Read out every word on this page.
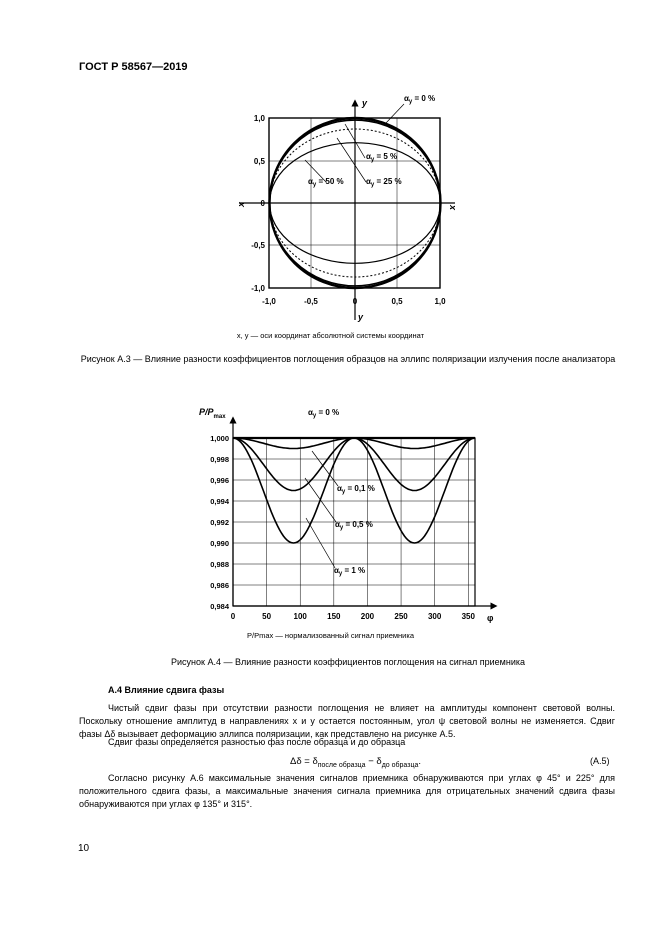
ГОСТ Р 58567—2019
$\alpha_y = 0$ %
$\alpha_y = 5$ %
$\alpha_y = 50$ %	$\alpha_y = 25$ %
y
x
x
y
1,0
0,5
0
-0,5
-1,0
-1,0	-0,5	0	0,5	1,0
$\alpha_y = 0$ %
$\alpha_y = 0,1$ %
$\alpha_y = 0,5$ %
$\alpha_y = 1$ %
$P/P_{max}$
φ
0	50	100	150	200	250	300	350
1,000
0,998
0,996
0,994
0,992
0,990
0,988
0,986
0,984
x, y — оси координат абсолютной системы координат
Рисунок А.3 — Влияние разности коэффициентов поглощения образцов на эллипс поляризации излучения после анализатора
P/Pmax — нормализованный сигнал приемника
Рисунок А.4 — Влияние разности коэффициентов поглощения на сигнал приемника
А.4 Влияние сдвига фазы
Чистый сдвиг фазы при отсутствии разности поглощения не влияет на амплитуды компонент световой волны. Поскольку отношение амплитуд в направлениях x и y остается постоянным, угол ψ световой волны не изменяется. Сдвиг фазы Δδ вызывает деформацию эллипса поляризации, как представлено на рисунке А.5.
Сдвиг фазы определяется разностью фаз после образца и до образца
$\Delta\delta = \delta_{после образца} - \delta_{до образца}$.	(А.5)
Согласно рисунку А.6 максимальные значения сигналов приемника обнаруживаются при углах φ 45° и 225° для положительного сдвига фазы, а максимальные значения сигнала приемника для отрицательных значений сдвига фазы обнаруживаются при углах φ 135° и 315°.
10
